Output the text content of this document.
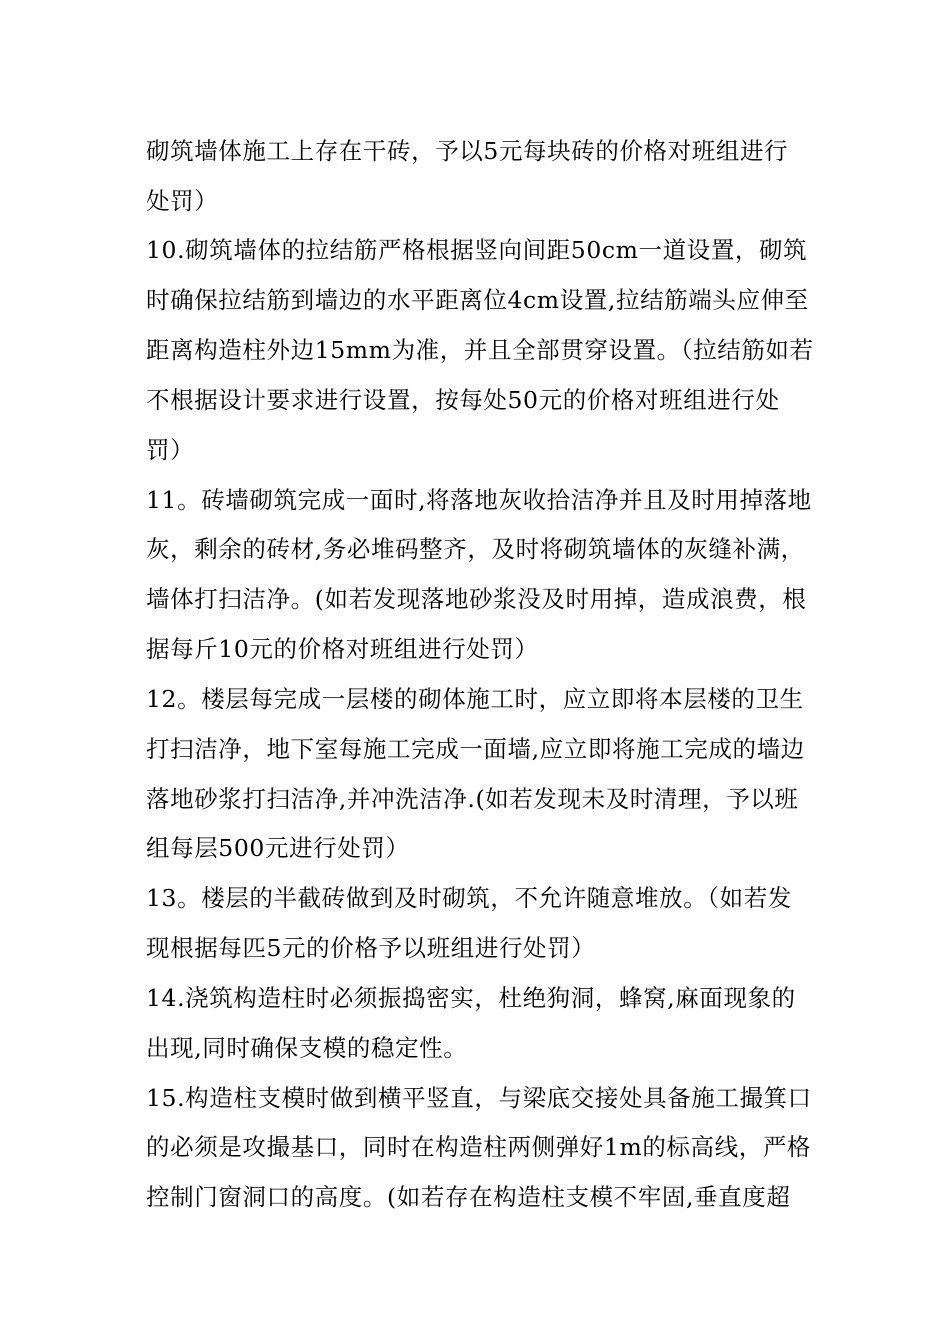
砌筑墙体施工上存在干砖，予以5元每块砖的价格对班组进行
处罚）
10.砌筑墙体的拉结筋严格根据竖向间距50cm一道设置，砌筑
时确保拉结筋到墙边的水平距离位4cm设置,拉结筋端头应伸至
距离构造柱外边15mm为准，并且全部贯穿设置。（拉结筋如若
不根据设计要求进行设置，按每处50元的价格对班组进行处
罚）
11。砖墙砌筑完成一面时,将落地灰收拾洁净并且及时用掉落地
灰，剩余的砖材,务必堆码整齐，及时将砌筑墙体的灰缝补满，
墙体打扫洁净。(如若发现落地砂浆没及时用掉，造成浪费，根
据每斤10元的价格对班组进行处罚）
12。楼层每完成一层楼的砌体施工时，应立即将本层楼的卫生
打扫洁净，地下室每施工完成一面墙,应立即将施工完成的墙边
落地砂浆打扫洁净,并冲洗洁净.(如若发现未及时清理，予以班
组每层500元进行处罚）
13。楼层的半截砖做到及时砌筑，不允许随意堆放。（如若发
现根据每匹5元的价格予以班组进行处罚）
14.浇筑构造柱时必须振捣密实，杜绝狗洞，蜂窝,麻面现象的
出现,同时确保支模的稳定性。
15.构造柱支模时做到横平竖直，与梁底交接处具备施工撮箕口
的必须是攻撮基口，同时在构造柱两侧弹好1m的标高线，严格
控制门窗洞口的高度。(如若存在构造柱支模不牢固,垂直度超
